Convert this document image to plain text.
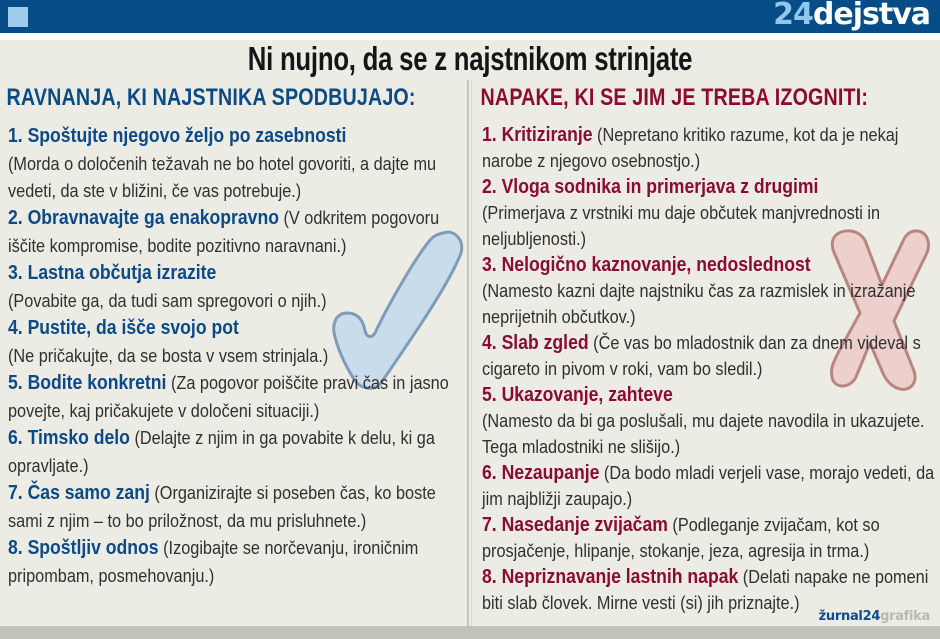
24dejstva
Ni nujno, da se z najstnikom strinjate
RAVNANJA, KI NAJSTNIKA SPODBUJAJO:
1. Spoštujte njegovo željo po zasebnosti
(Morda o določenih težavah ne bo hotel govoriti, a dajte mu vedeti, da ste v bližini, če vas potrebuje.)
2. Obravnavajte ga enakopravno (V odkritem pogovoru iščite kompromise, bodite pozitivno naravnani.)
3. Lastna občutja izrazite
(Povabite ga, da tudi sam spregovori o njih.)
4. Pustite, da išče svojo pot
(Ne pričakujte, da se bosta v vsem strinjala.)
5. Bodite konkretni (Za pogovor poiščite pravi čas in jasno povejte, kaj pričakujete v določeni situaciji.)
6. Timsko delo (Delajte z njim in ga povabite k delu, ki ga opravljate.)
7. Čas samo zanj (Organizirajte si poseben čas, ko boste sami z njim – to bo priložnost, da mu prisluhnete.)
8. Spoštljiv odnos (Izogibajte se norčevanju, ironičnim pripombam, posmehovanju.)
NAPAKE, KI SE JIM JE TREBA IZOGNITI:
1. Kritiziranje (Nepretano kritiko razume, kot da je nekaj narobe z njegovo osebnostjo.)
2. Vloga sodnika in primerjava z drugimi
(Primerjava z vrstniki mu daje občutek manjvrednosti in neljubljenosti.)
3. Nelogično kaznovanje, nedoslednost
(Namesto kazni dajte najstniku čas za razmislek in izražanje neprijetnih občutkov.)
4. Slab zgled (Če vas bo mladostnik dan za dnem videval s cigareto in pivom v roki, vam bo sledil.)
5. Ukazovanje, zahteve
(Namesto da bi ga poslušali, mu dajete navodila in ukazujete. Tega mladostniki ne slišijo.)
6. Nezaupanje (Da bodo mladi verjeli vase, morajo vedeti, da jim najbližji zaupajo.)
7. Nasedanje zvijačam (Podleganje zvijačam, kot so prosjačenje, hlipanje, stokanje, jeza, agresija in trma.)
8. Nepriznavanje lastnih napak (Delati napake ne pomeni biti slab človek. Mirne vesti (si) jih priznajte.)
žurnal24grafika
